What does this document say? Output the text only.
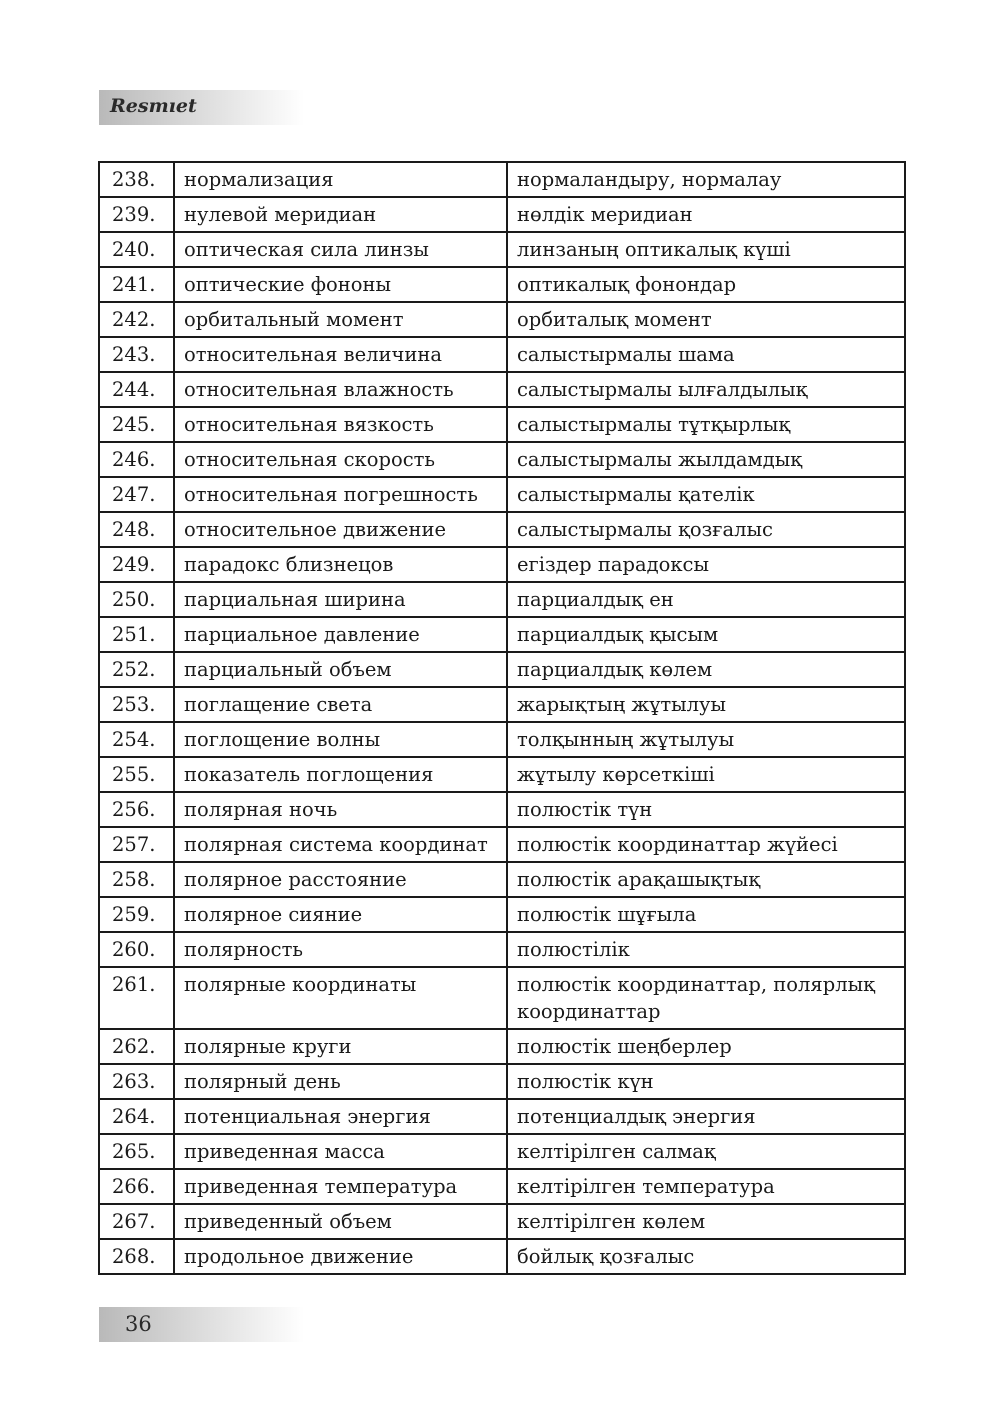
Resmıet
238.	нормализация	нормаландыру, нормалау
239.	нулевой меридиан	нөлдік меридиан
240.	оптическая сила линзы	линзаның оптикалық күші
241.	оптические фононы	оптикалық фонондар
242.	орбитальный момент	орбиталық момент
243.	относительная величина	салыстырмалы шама
244.	относительная влажность	салыстырмалы ылғалдылық
245.	относительная вязкость	салыстырмалы тұтқырлық
246.	относительная скорость	салыстырмалы жылдамдық
247.	относительная погрешность	салыстырмалы қателік
248.	относительное движение	салыстырмалы қозғалыс
249.	парадокс близнецов	егіздер парадоксы
250.	парциальная ширина	парциалдық ен
251.	парциальное давление	парциалдық қысым
252.	парциальный объем	парциалдық көлем
253.	поглащение света	жарықтың жұтылуы
254.	поглощение волны	толқынның жұтылуы
255.	показатель поглощения	жұтылу көрсеткіші
256.	полярная ночь	полюстік түн
257.	полярная система координат	полюстік координаттар жүйесі
258.	полярное расстояние	полюстік арақашықтық
259.	полярное сияние	полюстік шұғыла
260.	полярность	полюстілік
261.	полярные координаты	полюстік координаттар, полярлық координаттар
262.	полярные круги	полюстік шеңберлер
263.	полярный день	полюстік күн
264.	потенциальная энергия	потенциалдық энергия
265.	приведенная масса	келтірілген салмақ
266.	приведенная температура	келтірілген температура
267.	приведенный объем	келтірілген көлем
268.	продольное движение	бойлық қозғалыс
36
